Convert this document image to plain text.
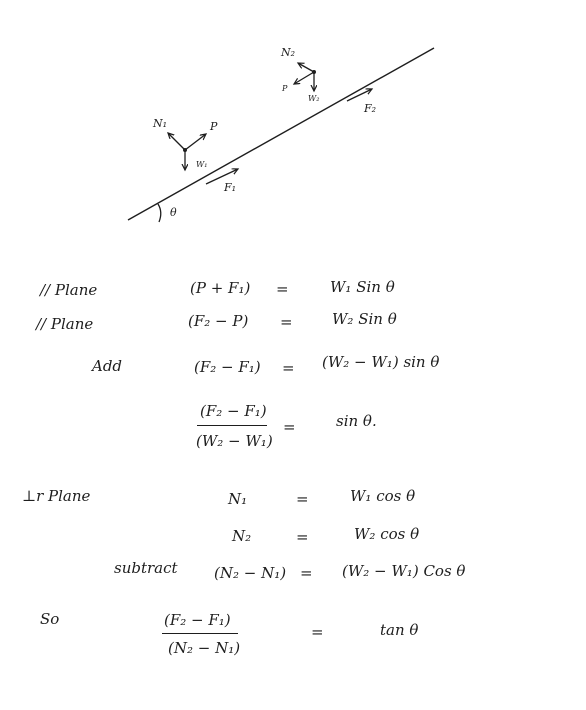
N₁	P
W₁
F₁
N₂
P
W₂
F₂
θ
// Plane	(P + F₁) =	W₁ Sin θ
// Plane	(F₂ − P) =	W₂ Sin θ
Add	(F₂ − F₁) = (W₂ − W₁) sin θ
(F₂ − F₁)
(W₂ − W₁)
=	sin θ.
⊥r Plane	N₁	=	W₁ cos θ
N₂	=	W₂ cos θ
subtract (N₂ − N₁) = (W₂ − W₁) Cos θ
So	(F₂ − F₁)
(N₂ − N₁)
=	tan θ
